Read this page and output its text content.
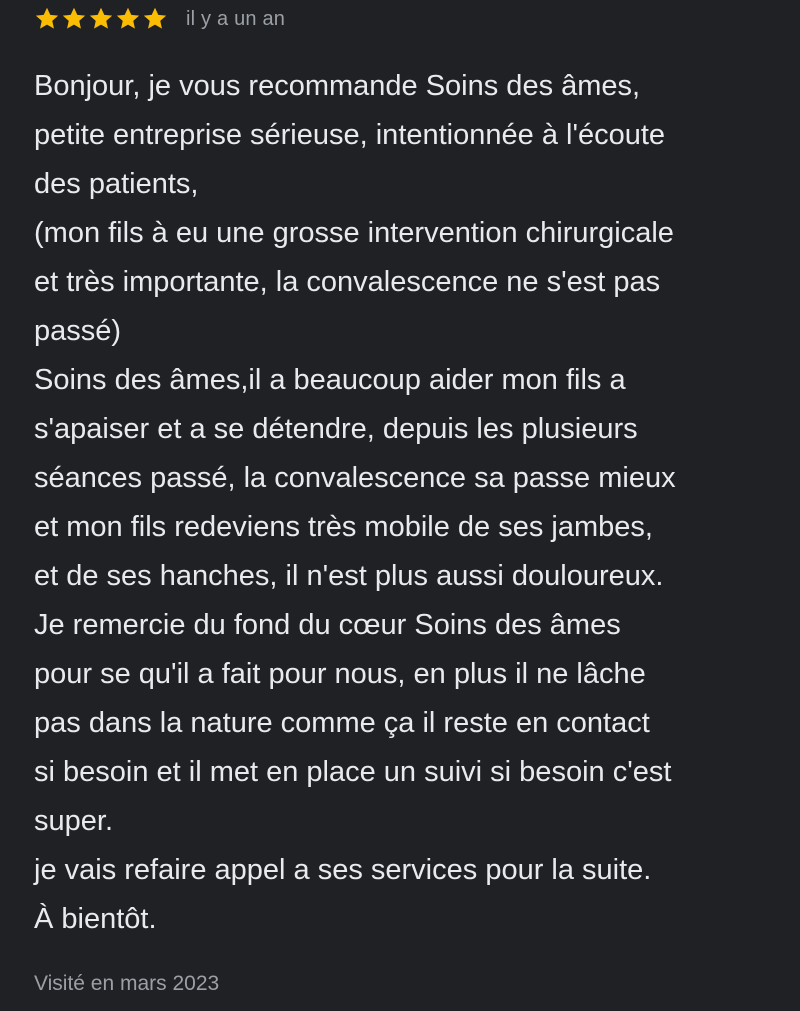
il y a un an

Bonjour, je vous recommande Soins des âmes,
petite entreprise sérieuse, intentionnée à l'écoute
des patients,
(mon fils à eu une grosse intervention chirurgicale
et très importante, la convalescence ne s'est pas
passé)
Soins des âmes,il a beaucoup aider mon fils a
s'apaiser et a se détendre, depuis les plusieurs
séances passé, la convalescence sa passe mieux
et mon fils redeviens très mobile de ses jambes,
et de ses hanches, il n'est plus aussi douloureux.
Je remercie du fond du cœur Soins des âmes
pour se qu'il a fait pour nous, en plus il ne lâche
pas dans la nature comme ça il reste en contact
si besoin et il met en place un suivi si besoin c'est
super.
je vais refaire appel a ses services pour la suite.
À bientôt.

Visité en mars 2023
